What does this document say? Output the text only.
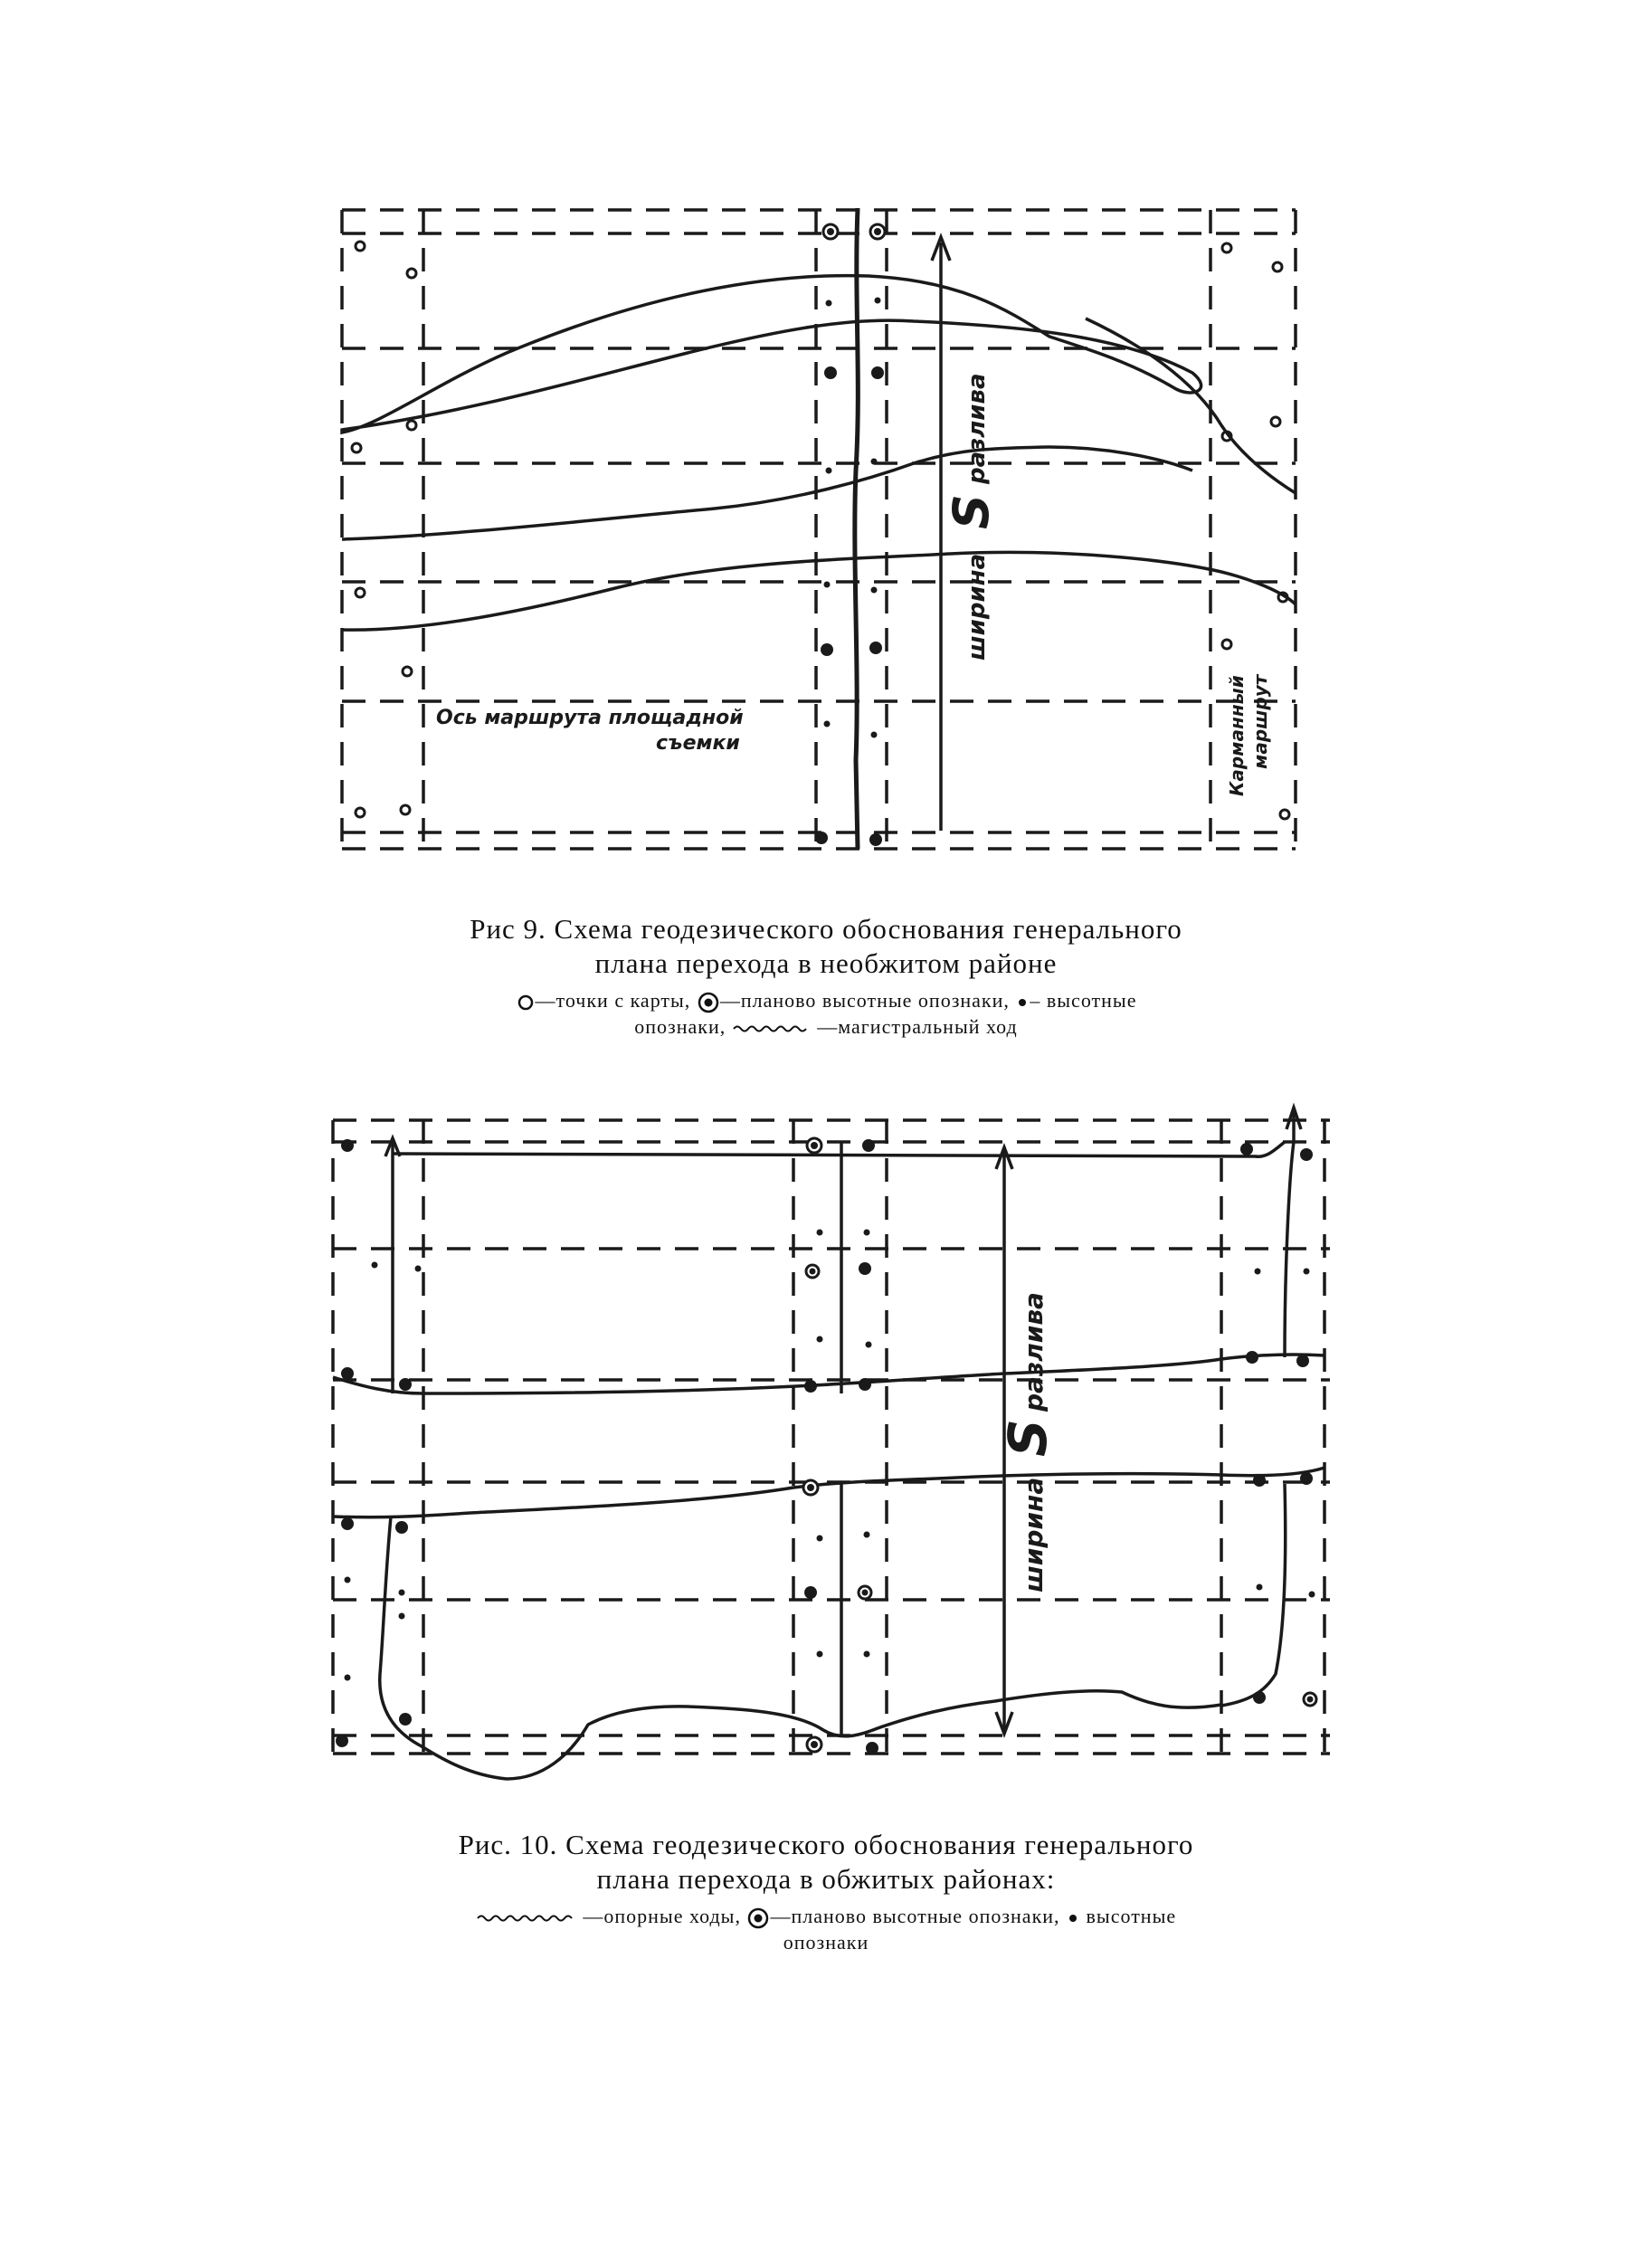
ширина
S
разлива
Ось маршрута площадной
съемки	Карманный маршрут
Рис 9. Схема геодезического обоснования генерального
плана перехода в необжитом районе
—точки с карты, —планово высотные опознаки, – высотные
опознаки,	—магистральный ход
ширина
S
разлива
Рис. 10. Схема геодезического обоснования генерального
плана перехода в обжитых районах:
—опорные ходы, —планово высотные опознаки, высотные
опознаки
